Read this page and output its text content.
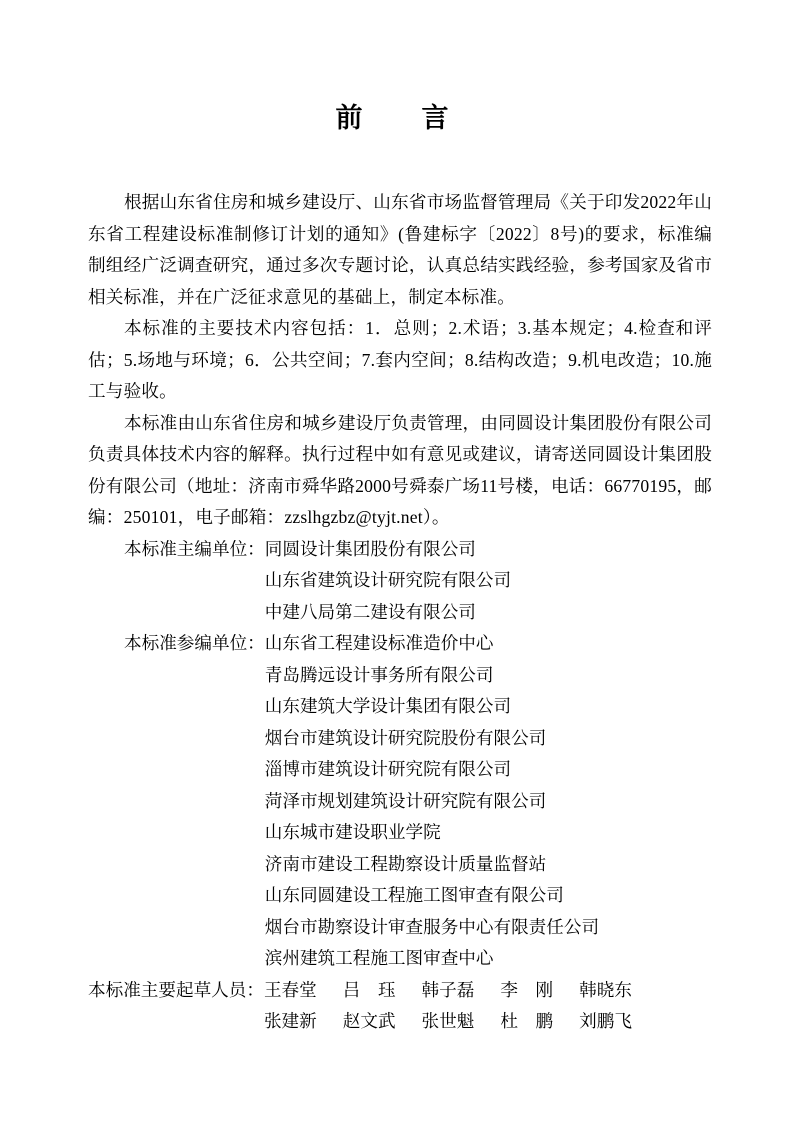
前　言

根据山东省住房和城乡建设厅、山东省市场监督管理局《关于印发2022年山东省工程建设标准制修订计划的通知》(鲁建标字〔2022〕8号)的要求，标准编制组经广泛调查研究，通过多次专题讨论，认真总结实践经验，参考国家及省市相关标准，并在广泛征求意见的基础上，制定本标准。

本标准的主要技术内容包括：1．总则；2.术语；3.基本规定；4.检查和评估；5.场地与环境；6．公共空间；7.套内空间；8.结构改造；9.机电改造；10.施工与验收。

本标准由山东省住房和城乡建设厅负责管理，由同圆设计集团股份有限公司负责具体技术内容的解释。执行过程中如有意见或建议，请寄送同圆设计集团股份有限公司（地址：济南市舜华路2000号舜泰广场11号楼，电话：66770195，邮编：250101，电子邮箱：zzslhgzbz@tyjt.net）。

本标准主编单位： 同圆设计集团股份有限公司
山东省建筑设计研究院有限公司
中建八局第二建设有限公司
本标准参编单位： 山东省工程建设标准造价中心
青岛腾远设计事务所有限公司
山东建筑大学设计集团有限公司
烟台市建筑设计研究院股份有限公司
淄博市建筑设计研究院有限公司
菏泽市规划建筑设计研究院有限公司
山东城市建设职业学院
济南市建设工程勘察设计质量监督站
山东同圆建设工程施工图审查有限公司
烟台市勘察设计审查服务中心有限责任公司
滨州建筑工程施工图审查中心
本标准主要起草人员： 王春堂 吕　珏 韩子磊 李　刚 韩晓东
张建新 赵文武 张世魁 杜　鹏 刘鹏飞
